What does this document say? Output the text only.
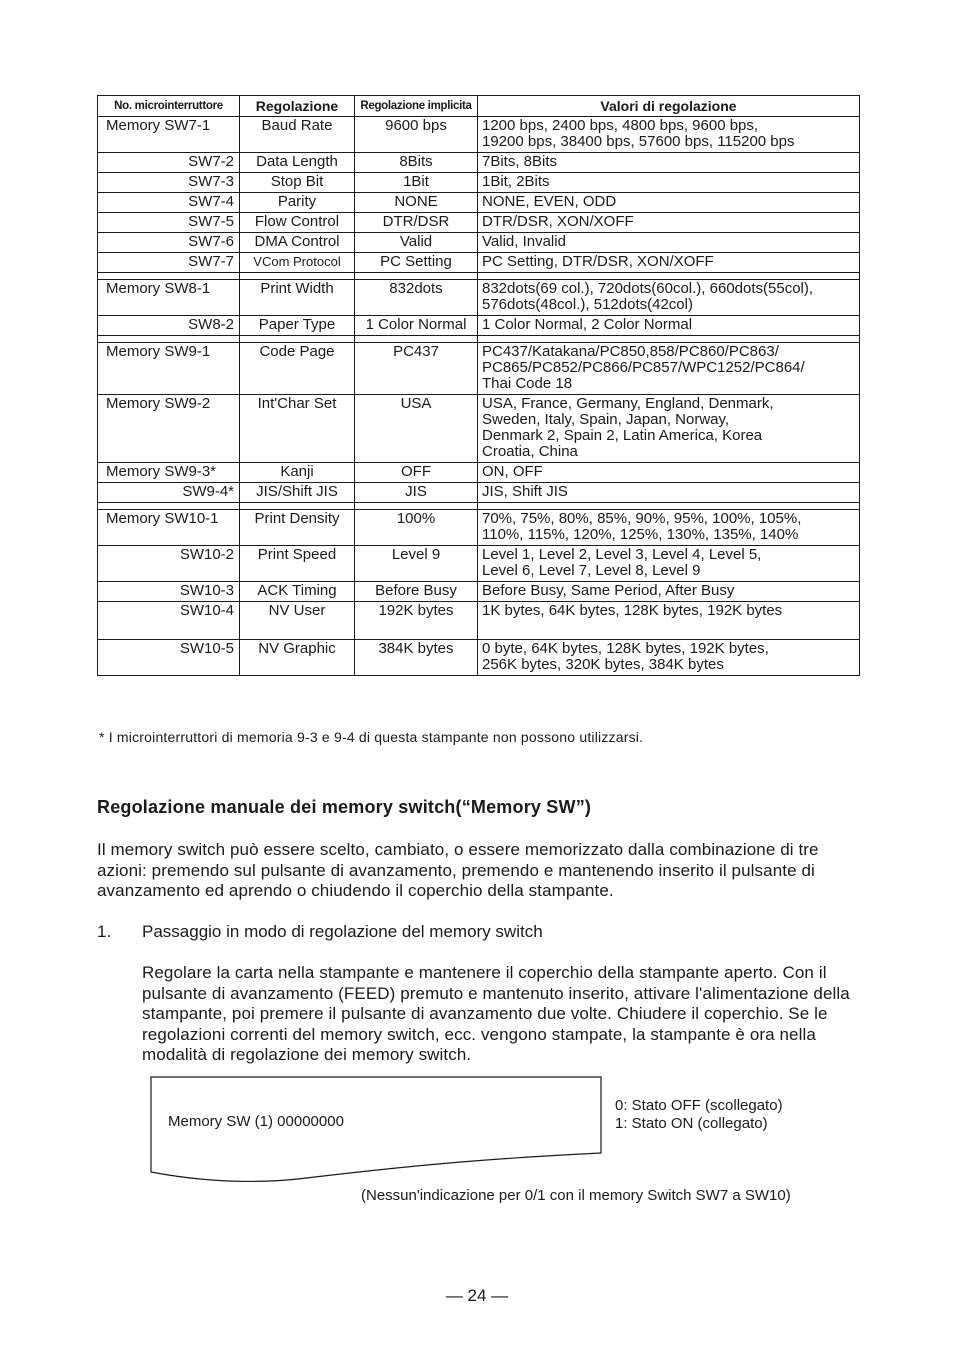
No. microinterruttore	Regolazione	Regolazione implicita	Valori di regolazione
Memory SW7-1	Baud Rate	9600 bps	1200 bps, 2400 bps, 4800 bps, 9600 bps,
19200 bps, 38400 bps, 57600 bps, 115200 bps

SW7-2	Data Length	8Bits	7Bits, 8Bits

SW7-3	Stop Bit	1Bit	1Bit, 2Bits

SW7-4	Parity	NONE	NONE, EVEN, ODD

SW7-5	Flow Control	DTR/DSR	DTR/DSR, XON/XOFF

SW7-6	DMA Control	Valid	Valid, Invalid

SW7-7	VCom Protocol	PC Setting	PC Setting, DTR/DSR, XON/XOFF

Memory SW8-1	Print Width	832dots	832dots(69 col.), 720dots(60col.), 660dots(55col),
576dots(48col.), 512dots(42col)

SW8-2	Paper Type	1 Color Normal	1 Color Normal, 2 Color Normal

Memory SW9-1	Code Page	PC437	PC437/Katakana/PC850,858/PC860/PC863/
PC865/PC852/PC866/PC857/WPC1252/PC864/
Thai Code 18

Memory SW9-2	Int'Char Set	USA	USA, France, Germany, England, Denmark,
Sweden, Italy, Spain, Japan, Norway,
Denmark 2, Spain 2, Latin America, Korea
Croatia, China

Memory SW9-3*	Kanji	OFF	ON, OFF

SW9-4*	JIS/Shift JIS	JIS	JIS, Shift JIS

Memory SW10-1	Print Density	100%	70%, 75%, 80%, 85%, 90%, 95%, 100%, 105%,
110%, 115%, 120%, 125%, 130%, 135%, 140%

SW10-2	Print Speed	Level 9	Level 1, Level 2, Level 3, Level 4, Level 5,
Level 6, Level 7, Level 8, Level 9

SW10-3	ACK Timing	Before Busy	Before Busy, Same Period, After Busy

SW10-4	NV User	192K bytes	1K bytes, 64K bytes, 128K bytes, 192K bytes

SW10-5	NV Graphic	384K bytes	0 byte, 64K bytes, 128K bytes, 192K bytes,
256K bytes, 320K bytes, 384K bytes
* I microinterruttori di memoria 9-3 e 9-4 di questa stampante non possono utilizzarsi.
Regolazione manuale dei memory switch(“Memory SW”)

Il memory switch può essere scelto, cambiato, o essere memorizzato dalla combinazione di tre azioni: premendo sul pulsante di avanzamento, premendo e mantenendo inserito il pulsante di avanzamento ed aprendo o chiudendo il coperchio della stampante.

1. Passaggio in modo di regolazione del memory switch

Regolare la carta nella stampante e mantenere il coperchio della stampante aperto. Con il pulsante di avanzamento (FEED) premuto e mantenuto inserito, attivare l'alimentazione della stampante, poi premere il pulsante di avanzamento due volte. Chiudere il coperchio. Se le regolazioni correnti del memory switch, ecc. vengono stampate, la stampante è ora nella modalità di regolazione dei memory switch.

Memory SW (1) 00000000
0: Stato OFF (scollegato)
1: Stato ON (collegato)
(Nessun'indicazione per 0/1 con il memory Switch SW7 a SW10)
— 24 —
